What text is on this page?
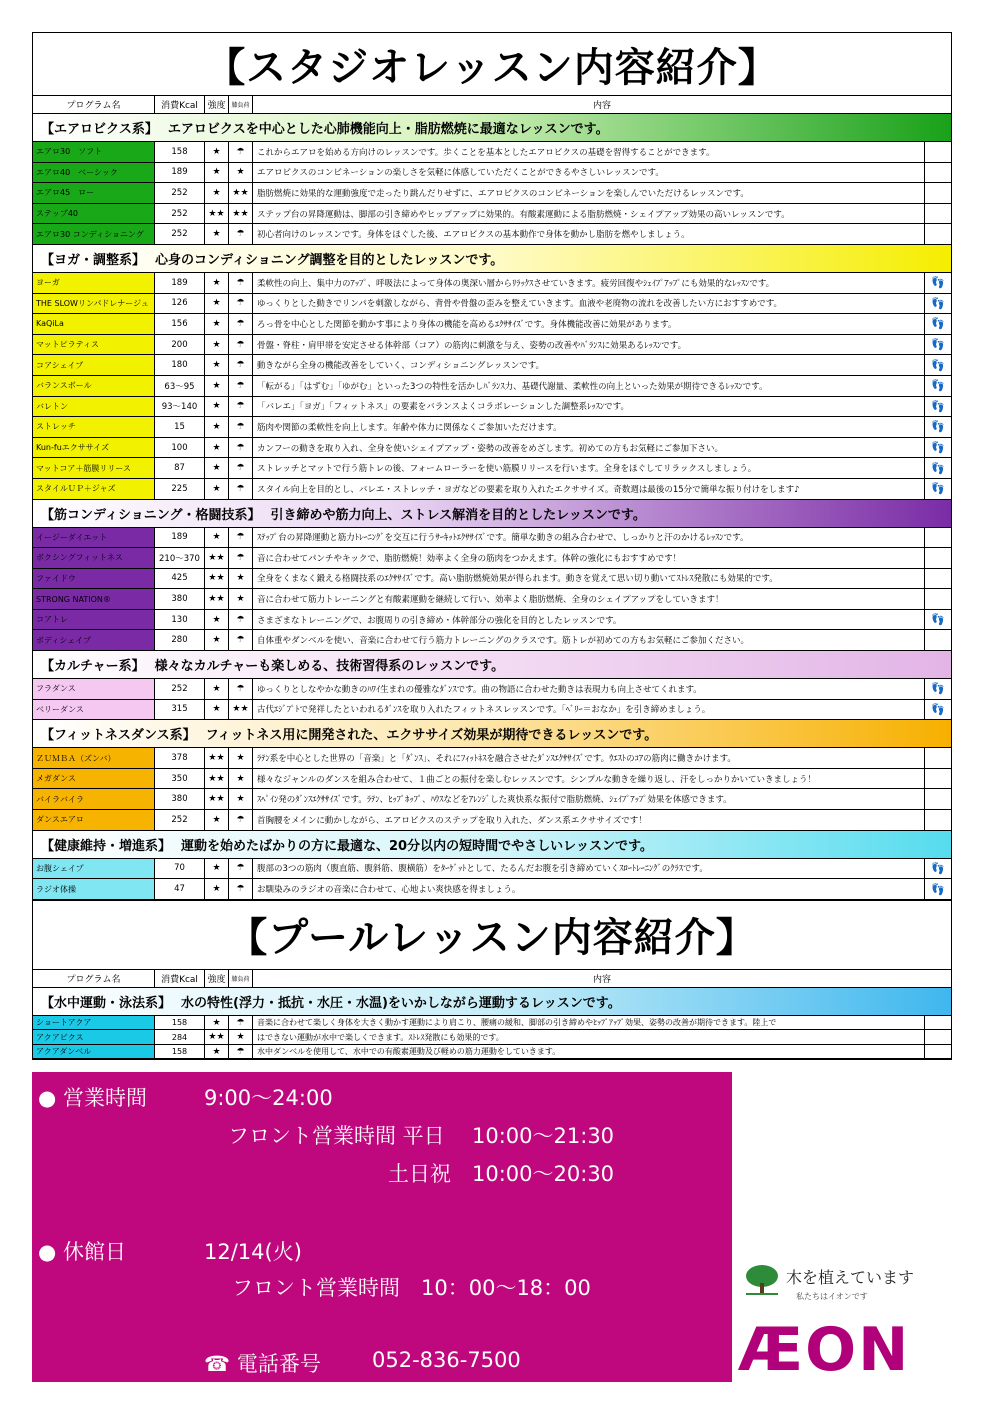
【スタジオレッスン内容紹介】
プログラム名	消費Kcal	強度 膝負荷	内容
【エアロビクス系】 エアロビクスを中心とした心肺機能向上・脂肪燃焼に最適なレッスンです。
エアロ30　ソフト	158	★	☂	これからエアロを始める方向けのレッスンです。歩くことを基本としたエアロビクスの基礎を習得することができます。
エアロ40　ベーシック	189	★	★	エアロビクスのコンビネーションの楽しさを気軽に体感していただくことができるやさしいレッスンです。
エアロ45　ロー	252	★	★★ 脂肪燃焼に効果的な運動強度で走ったり跳んだりせずに、エアロビクスのコンビネーションを楽しんでいただけるレッスンです。
ステップ40	252	★★ ★★ ステップ台の昇降運動は、脚部の引き締めやヒップアップに効果的。有酸素運動による脂肪燃焼・シェイプアップ効果の高いレッスンです。
エアロ30 コンディショニング	252	★	☂	初心者向けのレッスンです。身体をほぐした後、エアロビクスの基本動作で身体を動かし脂肪を燃やしましょう。
【ヨガ・調整系】 心身のコンディショニング調整を目的としたレッスンです。
ヨーガ	189	★	☂	柔軟性の向上、集中力のｱｯﾌﾟ、呼吸法によって身体の奥深い層からﾘﾗｯｸｽさせていきます。疲労回復やｼｪｲﾌﾟｱｯﾌﾟにも効果的なﾚｯｽﾝです。	👣
THE SLOWリンパドレナージュ	126	★	☂	ゆっくりとした動きでリンパを刺激しながら、背骨や骨盤の歪みを整えていきます。血液や老廃物の流れを改善したい方におすすめです。	👣
KaQiLa	156	★	☂	ろっ骨を中心とした関節を動かす事により身体の機能を高めるｴｸｻｻｲｽﾞです。身体機能改善に効果があります。	👣
マットピラティス	200	★	☂	骨盤・脊柱・肩甲帯を安定させる体幹部（コア）の筋肉に刺激を与え、姿勢の改善やﾊﾞﾗﾝｽに効果あるﾚｯｽﾝです。	👣
コアシェイプ	180	★	☂	動きながら全身の機能改善をしていく、コンディショニングレッスンです。	👣
バランスボール	63～95	★	☂	「転がる」「はずむ」「ゆがむ」といった3つの特性を活かしﾊﾞﾗﾝｽ力、基礎代謝量、柔軟性の向上といった効果が期待できるﾚｯｽﾝです。	👣
バレトン	93～140	★	☂	「バレエ」「ヨガ」「フィットネス」の要素をバランスよくコラボレーションした調整系ﾚｯｽﾝです。	👣
ストレッチ	15	★	☂	筋肉や関節の柔軟性を向上します。年齢や体力に関係なくご参加いただけます。	👣
Kun-fuエクササイズ	100	★	☂	カンフーの動きを取り入れ、全身を使いシェイプアップ・姿勢の改善をめざします。初めての方もお気軽にご参加下さい。	👣
マットコア＋筋膜リリース	87	★	☂	ストレッチとマットで行う筋トレの後、フォームローラーを使い筋膜リリースを行います。全身をほぐしてリラックスしましょう。	👣
スタイルＵＰ＋ジャズ	225	★	☂	スタイル向上を目的とし、バレエ・ストレッチ・ヨガなどの要素を取り入れたエクササイズ。奇数週は最後の15分で簡単な振り付けをします♪	👣
【筋コンディショニング・格闘技系】 引き締めや筋力向上、ストレス解消を目的としたレッスンです。
イージーダイエット	189	★	☂	ｽﾃｯﾌﾟ台の昇降運動と筋力ﾄﾚｰﾆﾝｸﾞを交互に行うｻｰｷｯﾄｴｸｻｻｲｽﾞです。簡単な動きの組み合わせで、しっかりと汗のかけるﾚｯｽﾝです。
ボクシングフィットネス	210～370 ★★	☂	音に合わせてパンチやキックで、脂肪燃焼！効率よく全身の筋肉をつかえます。体幹の強化にもおすすめです！
ファイドウ	425	★★	★	全身をくまなく鍛える格闘技系のｴｸｻｻｲｽﾞです。高い脂肪燃焼効果が得られます。動きを覚えて思い切り動いてｽﾄﾚｽ発散にも効果的です。
STRONG NATION®	380	★★	★	音に合わせて筋力トレーニングと有酸素運動を継続して行い、効率よく脂肪燃焼、全身のシェイプアップをしていきます！
コアトレ	130	★	☂	さまざまなトレーニングで、お腹周りの引き締め・体幹部分の強化を目的としたレッスンです。	👣
ボディシェイプ	280	★	☂	自体重やダンベルを使い、音楽に合わせて行う筋力トレーニングのクラスです。筋トレが初めての方もお気軽にご参加ください。
【カルチャー系】 様々なカルチャーも楽しめる、技術習得系のレッスンです。
フラダンス	252	★	☂	ゆっくりとしなやかな動きのﾊﾜｲ生まれの優雅なﾀﾞﾝｽです。曲の物語に合わせた動きは表現力も向上させてくれます。	👣
ベリーダンス	315	★	★★ 古代ｴｼﾞﾌﾟﾄで発祥したといわれるﾀﾞﾝｽを取り入れたフィットネスレッスンです。「ﾍﾞﾘｰ＝おなか」を引き締めましょう。	👣
【フィットネスダンス系】 フィットネス用に開発された、エクササイズ効果が期待できるレッスンです。
ＺＵＭＢＡ（ズンバ）	378	★★	★	ﾗﾃﾝ系を中心とした世界の「音楽」と「ﾀﾞﾝｽ」、それにﾌｨｯﾄﾈｽを融合させたﾀﾞﾝｽｴｸｻｻｲｽﾞです。ｳｴｽﾄのｺｱの筋肉に働きかけます。
メガダンス	350	★★	★	様々なジャンルのダンスを組み合わせて、１曲ごとの振付を楽しむレッスンです。シンプルな動きを繰り返し、汗をしっかりかいていきましょう！
バイラバイラ	380	★★	★	ｽﾍﾟｲﾝ発のﾀﾞﾝｽｴｸｻｻｲｽﾞです。ﾗﾃﾝ、ﾋｯﾌﾟﾎｯﾌﾟ、ﾊｳｽなどをｱﾚﾝｼﾞした爽快系な振付で脂肪燃焼、ｼｪｲﾌﾟｱｯﾌﾟ効果を体感できます。
ダンスエアロ	252	★	☂	首胸腰をメインに動かしながら、エアロビクスのステップを取り入れた、ダンス系エクササイズです！
【健康維持・増進系】 運動を始めたばかりの方に最適な、20分以内の短時間でやさしいレッスンです。
お腹シェイプ	70	★	☂	腹部の3つの筋肉（腹直筋、腹斜筋、腹横筋）をﾀｰｹﾞｯﾄとして、たるんだお腹を引き締めていくｽﾛｰﾄﾚｰﾆﾝｸﾞのｸﾗｽです。	👣
ラジオ体操	47	★	☂	お馴染みのラジオの音楽に合わせて、心地よい爽快感を得ましょう。	👣
【プールレッスン内容紹介】
プログラム名	消費Kcal	強度 膝負荷	内容
【水中運動・泳法系】 水の特性(浮力・抵抗・水圧・水温)をいかしながら運動するレッスンです。
ショートアクア	158	★	☂	音楽に合わせて楽しく身体を大きく動かす運動により肩こり、腰痛の緩和、脚部の引き締めやﾋｯﾌﾟｱｯﾌﾟ効果、姿勢の改善が期待できます。陸上で
アクアビクス	284	★★	★	はできない運動が水中で楽しくできます。ｽﾄﾚｽ発散にも効果的です。
アクアダンベル	158	★	☂	水中ダンベルを使用して、水中での有酸素運動及び軽めの筋力運動をしていきます。
● 営業時間	9:00～24:00
フロント営業時間 平日 10:00～21:30
土日祝 10:00～20:30
● 休館日	12/14(火)
フロント営業時間　10：00～18：00
☎ 電話番号 052-836-7500
木を植えています
私たちはイオンです
ÆON
